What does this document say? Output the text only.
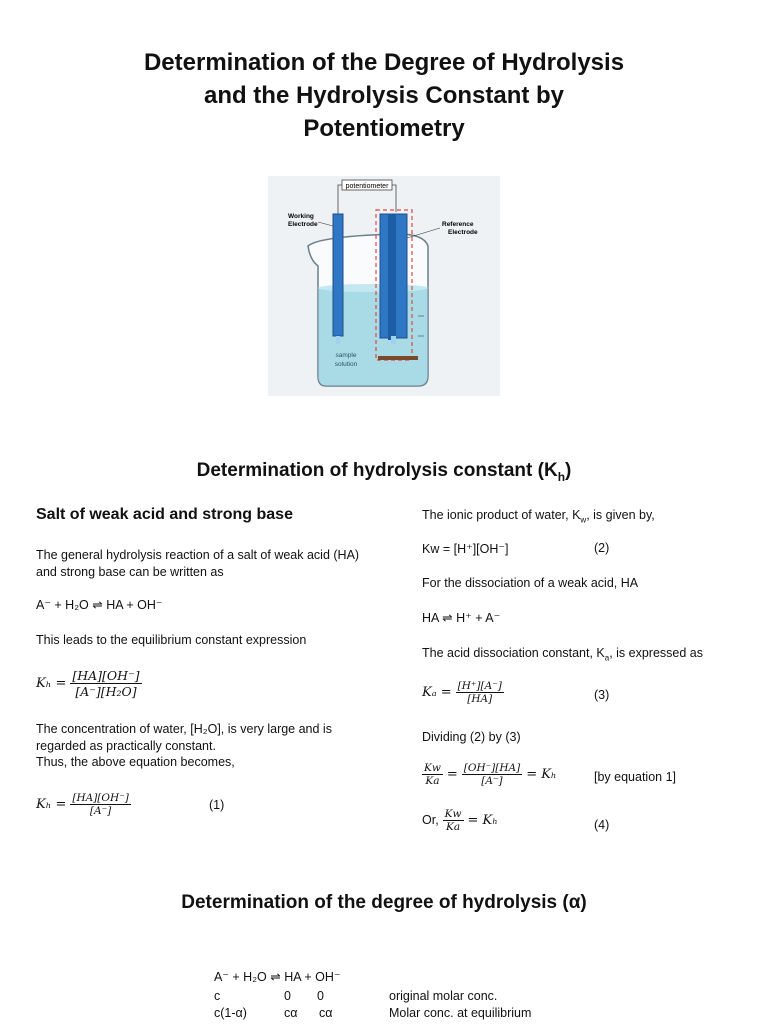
Determination of the Degree of Hydrolysis
and the Hydrolysis Constant by
Potentiometry
potentiometer
Working
Electrode	Reference
Electrode
sample
solution
Determination of hydrolysis constant $(K_h)$
Salt of weak acid and strong base
The general hydrolysis reaction of a salt of weak acid (HA)
and strong base can be written as
A⁻ + H₂O ⇌ HA + OH⁻
This leads to the equilibrium constant expression
$K_h = \frac{[HA][OH^-]}{\text{[A⁻][H₂O]}}$
The concentration of water, [H₂O], is very large and is
regarded as practically constant.
Thus, the above equation becomes,
$K_h = \frac{[HA][OH^-]}{[A^-]}$	(1)
The ionic product of water, $K_w$, is given by,
Kw = [H⁺][OH⁻]	(2)
For the dissociation of a weak acid, HA
HA ⇌ H⁺ + A⁻
The acid dissociation constant, $K_a$, is expressed as
$K_a = \frac{[H^+][A^-]}{[HA]}$	(3)
Dividing (2) by (3)
$\frac{Kw}{Ka} = \frac{[OH^-][HA]}{[A^-]} = K_h$	[by equation 1]
Or, $\frac{Kw}{Ka} = K_h$	(4)
Determination of the degree of hydrolysis (α)
A⁻ + H₂O ⇌ HA + OH⁻
c	0 0	original molar conc.
c(1-α)	cα cα	Molar conc. at equilibrium
